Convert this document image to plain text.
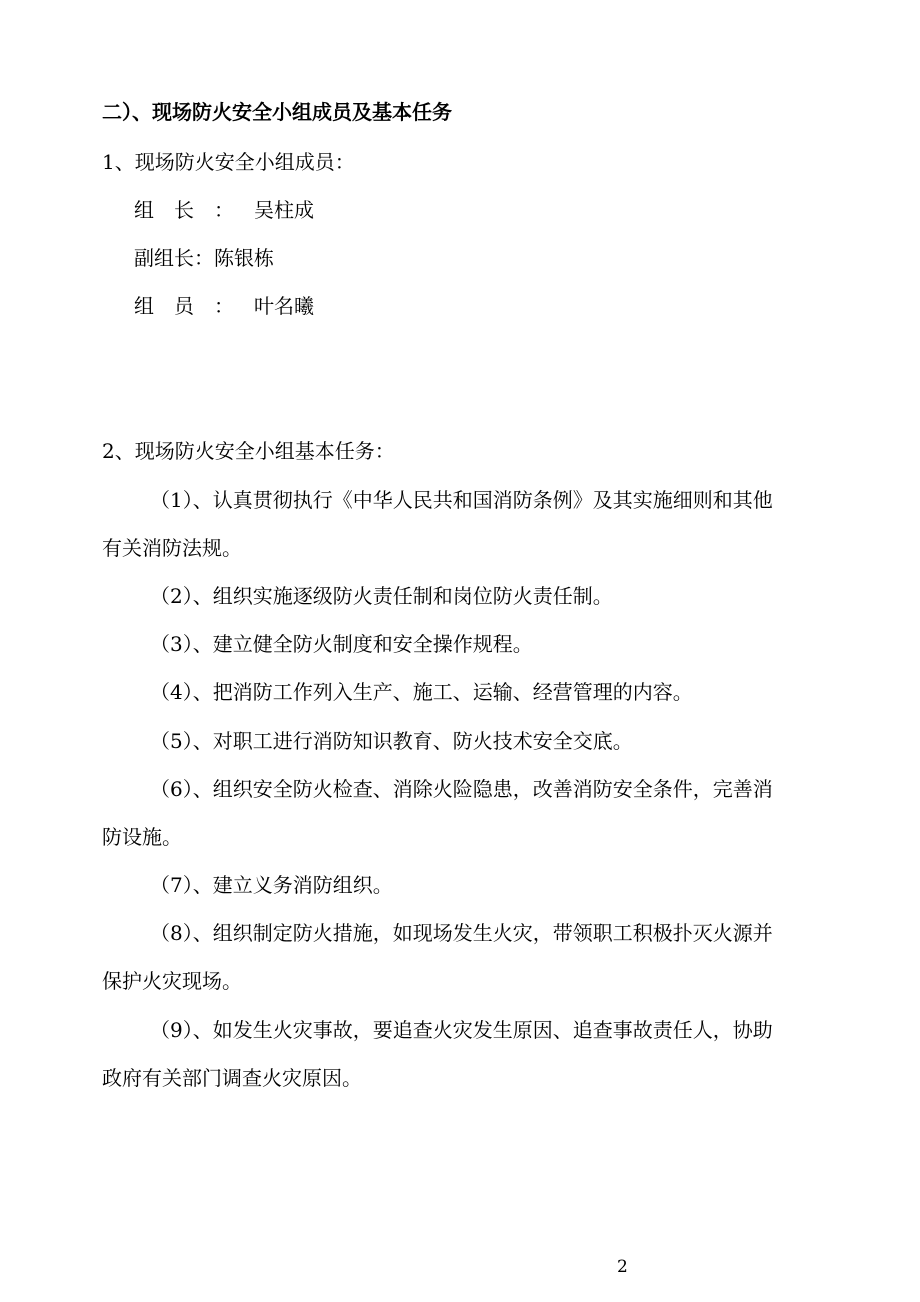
二）、现场防火安全小组成员及基本任务
1、现场防火安全小组成员：
组长：吴柱成
副组长：陈银栋
组员：叶名曦
2、现场防火安全小组基本任务：
（1）、认真贯彻执行《中华人民共和国消防条例》及其实施细则和其他
有关消防法规。
（2）、组织实施逐级防火责任制和岗位防火责任制。
（3）、建立健全防火制度和安全操作规程。
（4）、把消防工作列入生产、施工、运输、经营管理的内容。
（5）、对职工进行消防知识教育、防火技术安全交底。
（6）、组织安全防火检查、消除火险隐患，改善消防安全条件，完善消
防设施。
（7）、建立义务消防组织。
（8）、组织制定防火措施，如现场发生火灾，带领职工积极扑灭火源并
保护火灾现场。
（9）、如发生火灾事故，要追查火灾发生原因、追查事故责任人，协助
政府有关部门调查火灾原因。
2
